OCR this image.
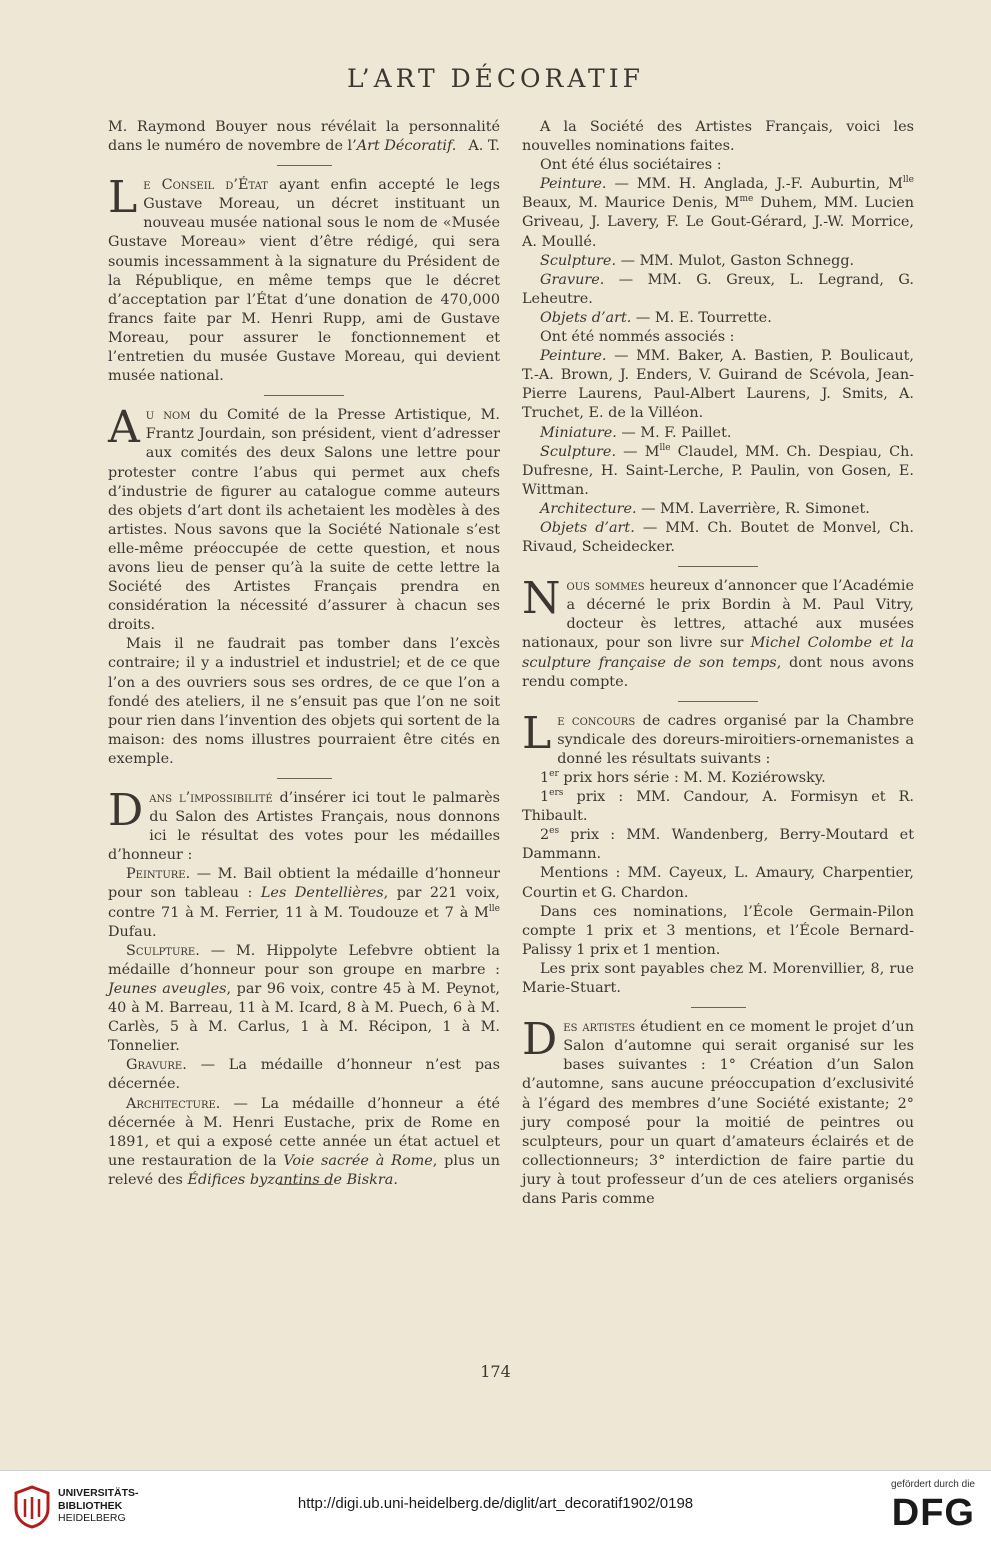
L’ART DÉCORATIF

M. Raymond Bouyer nous révélait la personnalité dans le numéro de novembre de l’Art Décoratif. A. T.

Le Conseil d’État ayant enfin accepté le legs Gustave Moreau, un décret instituant un nouveau musée national sous le nom de «Musée Gustave Moreau» vient d’être rédigé, qui sera soumis incessamment à la signature du Président de la République, en même temps que le décret d’acceptation par l’État d’une donation de 470,000 francs faite par M. Henri Rupp, ami de Gustave Moreau, pour assurer le fonctionnement et l’entretien du musée Gustave Moreau, qui devient musée national.

Au nom du Comité de la Presse Artistique, M. Frantz Jourdain, son président, vient d’adresser aux comités des deux Salons une lettre pour protester contre l’abus qui permet aux chefs d’industrie de figurer au catalogue comme auteurs des objets d’art dont ils achetaient les modèles à des artistes. Nous savons que la Société Nationale s’est elle-même préoccupée de cette question, et nous avons lieu de penser qu’à la suite de cette lettre la Société des Artistes Français prendra en considération la nécessité d’assurer à chacun ses droits.

Mais il ne faudrait pas tomber dans l’excès contraire; il y a industriel et industriel; et de ce que l’on a des ouvriers sous ses ordres, de ce que l’on a fondé des ateliers, il ne s’ensuit pas que l’on ne soit pour rien dans l’invention des objets qui sortent de la maison: des noms illustres pourraient être cités en exemple.

Dans l’impossibilité d’insérer ici tout le palmarès du Salon des Artistes Français, nous donnons ici le résultat des votes pour les médailles d’honneur :

Peinture. — M. Bail obtient la médaille d’honneur pour son tableau : Les Dentellières, par 221 voix, contre 71 à M. Ferrier, 11 à M. Toudouze et 7 à $M^{lle}$ Dufau.

Sculpture. — M. Hippolyte Lefebvre obtient la médaille d’honneur pour son groupe en marbre : Jeunes aveugles, par 96 voix, contre 45 à M. Peynot, 40 à M. Barreau, 11 à M. Icard, 8 à M. Puech, 6 à M. Carlès, 5 à M. Carlus, 1 à M. Récipon, 1 à M. Tonnelier.

Gravure. — La médaille d’honneur n’est pas décernée.

Architecture. — La médaille d’honneur a été décernée à M. Henri Eustache, prix de Rome en 1891, et qui a exposé cette année un état actuel et une restauration de la Voie sacrée à Rome, plus un relevé des Édifices byzantins de Biskra.

A la Société des Artistes Français, voici les nouvelles nominations faites.

Ont été élus sociétaires :

Peinture. — MM. H. Anglada, J.-F. Auburtin, $M^{lle}$ Beaux, M. Maurice Denis, $M^{me}$ Duhem, MM. Lucien Griveau, J. Lavery, F. Le Gout-Gérard, J.-W. Morrice, A. Moullé.

Sculpture. — MM. Mulot, Gaston Schnegg.

Gravure. — MM. G. Greux, L. Legrand, G. Leheutre.

Objets d’art. — M. E. Tourrette.

Ont été nommés associés :

Peinture. — MM. Baker, A. Bastien, P. Boulicaut, T.-A. Brown, J. Enders, V. Guirand de Scévola, Jean-Pierre Laurens, Paul-Albert Laurens, J. Smits, A. Truchet, E. de la Villéon.

Miniature. — M. F. Paillet.

Sculpture. — $M^{lle}$ Claudel, MM. Ch. Despiau, Ch. Dufresne, H. Saint-Lerche, P. Paulin, von Gosen, E. Wittman.

Architecture. — MM. Laverrière, R. Simonet.

Objets d’art. — MM. Ch. Boutet de Monvel, Ch. Rivaud, Scheidecker.

Nous sommes heureux d’annoncer que l’Académie a décerné le prix Bordin à M. Paul Vitry, docteur ès lettres, attaché aux musées nationaux, pour son livre sur Michel Colombe et la sculpture française de son temps, dont nous avons rendu compte.

Le concours de cadres organisé par la Chambre syndicale des doreurs-miroitiers-ornemanistes a donné les résultats suivants :

1er prix hors série : M. M. Koziérowsky.

1ers prix : MM. Candour, A. Formisyn et R. Thibault.

$2^{es}$ prix : MM. Wandenberg, Berry-Moutard et Dammann.

Mentions : MM. Cayeux, L. Amaury, Charpentier, Courtin et G. Chardon.

Dans ces nominations, l’École Germain-Pilon compte 1 prix et 3 mentions, et l’École Bernard-Palissy 1 prix et 1 mention.

Les prix sont payables chez M. Morenvillier, 8, rue Marie-Stuart.

Des artistes étudient en ce moment le projet d’un Salon d’automne qui serait organisé sur les bases suivantes : 1° Création d’un Salon d’automne, sans aucune préoccupation d’exclusivité à l’égard des membres d’une Société existante; 2° jury composé pour la moitié de peintres ou sculpteurs, pour un quart d’amateurs éclairés et de collectionneurs; 3° interdiction de faire partie du jury à tout professeur d’un de ces ateliers organisés dans Paris comme

174
UNIVERSITÄTS-
BIBLIOTHEK
HEIDELBERG
http://digi.ub.uni-heidelberg.de/diglit/art_decoratif1902/0198
gefördert durch die
DFG
